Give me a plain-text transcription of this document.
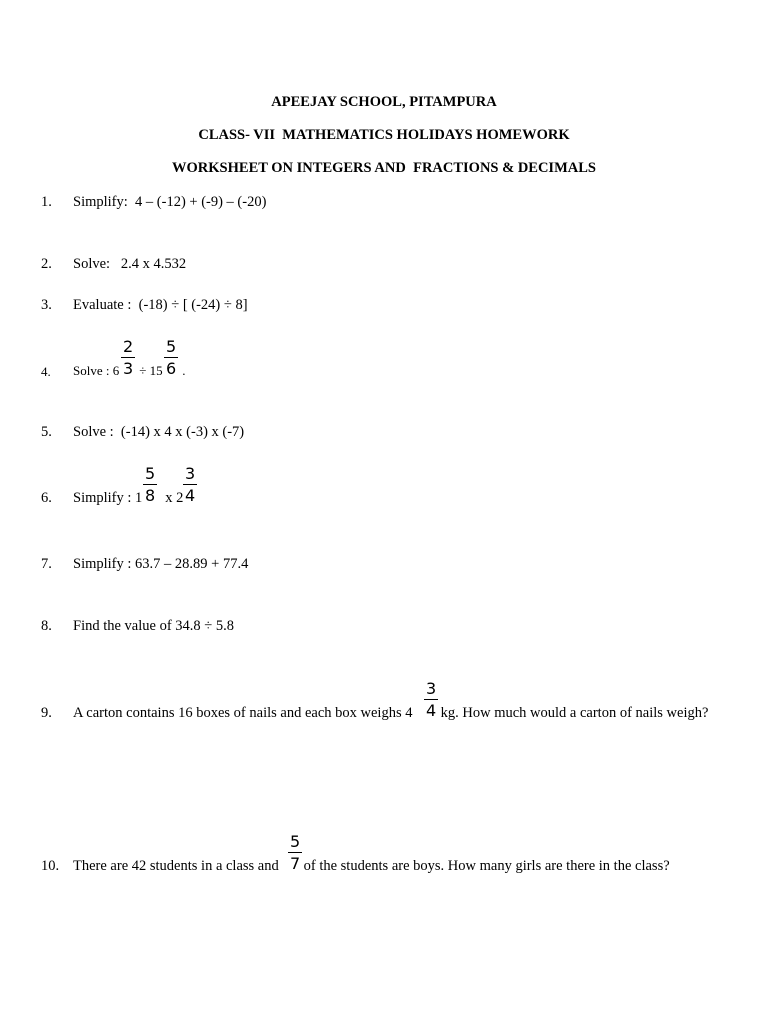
APEEJAY SCHOOL, PITAMPURA
CLASS- VII  MATHEMATICS HOLIDAYS HOMEWORK
WORKSHEET ON INTEGERS AND  FRACTIONS & DECIMALS
1. Simplify:  4 – (-12) + (-9) – (-20)
2. Solve:   2.4 x 4.532
3. Evaluate :  (-18) ÷ [ (-24) ÷ 8]
4. Solve : $6 \frac{2}{3} \div 15 \frac{5}{6}$ .
5. Solve :  (-14) x 4 x (-3) x (-7)
6. Simplify : $1 \frac{5}{8}$ x $2 \frac{3}{4}$
7. Simplify : 63.7 – 28.89 + 77.4
8. Find the value of 34.8 ÷ 5.8
9. A carton contains 16 boxes of nails and each box weighs $4 \frac{3}{4}$
kg. How much would a carton of nails weigh?
10. There are 42 students in a class and $\frac{5}{7}$
of the students are boys. How many girls are there in the class?
